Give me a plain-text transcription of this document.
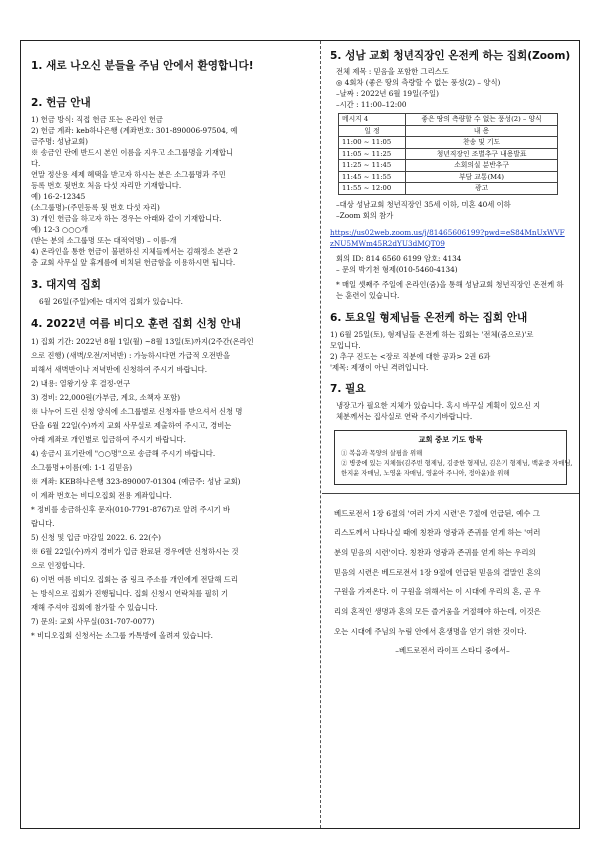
1. 새로 나오신 분들을 주님 안에서 환영합니다!

2. 헌금 안내

1) 헌금 방식: 직접 헌금 또는 온라인 헌금

2) 헌금 계좌: keb하나은행 (계좌번호: 301-890006-97504, 예

금주명: 성남교회)

※ 송금인 란에 반드시 본인 이름을 지우고 소그룹명을 기재합니

다.

연말 정산용 세제 혜택을 받고자 하시는 분은 소그룹명과 주민

등록 번호 뒷번호 처음 다섯 자리만 기재합니다.

예) 16-2-12345

(소그룹명)-(주민등록 뒷 번호 다섯 자리)

3) 개인 헌금을 하고자 하는 경우는 아래와 같이 기재합니다.

예) 12-3 ○○○개

(받는 분의 소그룹명 또는 대적역명) – 이름-개

4) 온라인을 통한 헌금이 불편하신 지체들께서는 김해정소 본관 2

층 교회 사무실 앞 휴게름에 비치된 헌금함을 이용하시면 됩니다.

3. 대지역 집회

6월 26일(주일)에는 대지역 집회가 있습니다.

4. 2022년 여름 비디오 훈련 집회 신청 안내

1) 집회 기간: 2022년 8월 1일(월) ~8월 13일(토)까지(2주간(온라인

으로 진행) (새벽/오전/저녁반) : 가능하시다면 가급적 오전반을

피해서 새벽반이나 저녁반에 신청하여 주시기 바랍니다.

2) 내용: 열왕기상 후 결정-연구

3) 경비: 22,000원(가부금, 계요, 소책자 포함)

※ 나누어 드린 신청 양식에 소그룹별로 신청자를 받으셔서 신청 명

단을 6월 22일(수)까지 교회 사무실로 제출하여 주시고, 경비는

아래 계좌로 개인별로 입금하여 주시기 바랍니다.

4) 송금시 표기란에 "○○명"으로 송금해 주시기 바랍니다.

소그룹명+이름(예: 1-1 김믿음)

※ 계좌: KEB하나은행 323-890007-01304 (예금주: 성남 교회)

이 계좌 번호는 비디오집회 전용 계좌입니다.

* 정비를 송금하신후 문자(010-7791-8767)로 알려 주시기 바

랍니다.

5) 신청 및 입금 마감일 2022. 6. 22(수)

※ 6월 22일(수)까지 경비가 입금 완료된 경우에만 신청하시는 것

으로 인정합니다.

6) 이번 여름 비디오 집회는 줌 링크 주소를 개인에게 전달해 드리

는 방식으로 집회가 진행됩니다. 집회 신청시 연락처를 필히 기

재해 주셔야 집회에 참가할 수 있습니다.

7) 문의: 교회 사무실(031-707-0077)

* 비디오집회 신청서는 소그룹 카톡방에 올려져 있습니다.

5. 성남 교회 청년직장인 온전케 하는 집회(Zoom)

전체 제목 : 믿음을 포함한 그리스도

◎ 4회차 (좋은 땅의 측량할 수 없는 풍성(2) – 양식)

–날짜 : 2022년 6월 19일(주일)

–시간 : 11:00–12:00

메시지 4	좋은 땅의 측량할 수 없는 풍성(2) – 양식
일 정	내 용
11:00 ~ 11:05	찬송 및 기도
11:05 ~ 11:25	청년직장인 조별추구 내용발표
11:25 ~ 11:45	소회의실 분반추구
11:45 ~ 11:55	부담 교통(M4)
11:55 ~ 12:00	광고

–대상 성남교회 청년직장인 35세 이하, 미혼 40세 이하

–Zoom 회의 참가

https://us02web.zoom.us/j/81465606199?pwd=eS84MnUxWVFzNU5MWm45R2dYU3dMQT09

회의 ID: 814 6560 6199 암호: 4134

– 문의 박기천 형제(010-5460-4134)

* 매일 셋째주 주일에 온라인(줌)을 통해 성남교회 청년직장인 온전케 하는 훈련이 있습니다.

6. 토요일 형제님들 온전케 하는 집회 안내

1) 6월 25일(토), 형제님들 온전케 하는 집회는 '전체(줌으로)'로

모입니다.

2) 추구 진도는 <장로 직분에 대한 공과> 2권 6과

'제목: 제쟁이 아닌 격려입니다.

7. 필요

냉장고가 필요한 지체가 있습니다. 혹시 바꾸실 계획이 있으신 지

체분께서는 집사실로 연락 주시기바랍니다.

교회 중보 기도 항목

① 복음과 목양의 살핌을 위해

② 병중에 있는 지체들(김주빈 형제님, 김중한 형제님, 김은기 형제님, 백윤중 자매님,

한지윤 자매님, 노영윤 자매님, 영윤아 주니아, 정아윤)을 위해

베드로전서 1장 6절의 '여러 가지 시련'은 7절에 언급된, 예수 그

리스도께서 나타나실 때에 칭찬과 영광과 존귀를 얻게 하는 '여러

분의 믿음의 시련'이다. 칭찬과 영광과 존귀를 얻게 하는 우리의

믿음의 시련은 베드로전서 1장 9절에 언급된 믿음의 결말인 혼의

구원을 가져온다. 이 구원을 위해서는 이 시대에 우리의 혼, 곧 우

리의 혼적인 생명과 혼의 모든 즐거움을 거절해야 하는데, 이것은

오는 시대에 주님의 누림 안에서 혼생명을 얻기 위한 것이다.

–베드로전서 라이프 스타디 중에서–
